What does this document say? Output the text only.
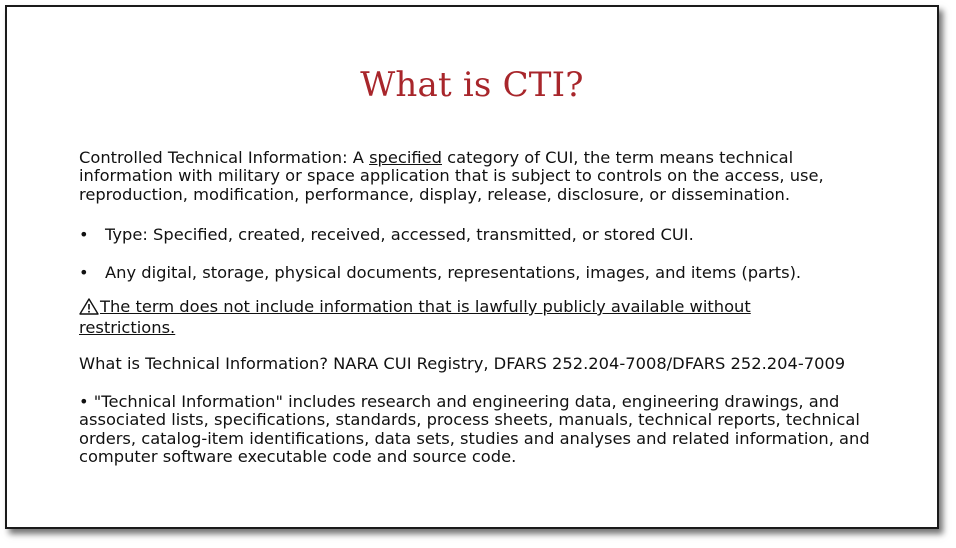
What is CTI?
Controlled Technical Information: A specified category of CUI, the term means technical information with military or space application that is subject to controls on the access, use, reproduction, modification, performance, display, release, disclosure, or dissemination.
• Type: Specified, created, received, accessed, transmitted, or stored CUI.
• Any digital, storage, physical documents, representations, images, and items (parts).
The term does not include information that is lawfully publicly available without restrictions.
What is Technical Information? NARA CUI Registry, DFARS 252.204-7008/DFARS 252.204-7009
• "Technical Information" includes research and engineering data, engineering drawings, and associated lists, specifications, standards, process sheets, manuals, technical reports, technical orders, catalog-item identifications, data sets, studies and analyses and related information, and computer software executable code and source code.
